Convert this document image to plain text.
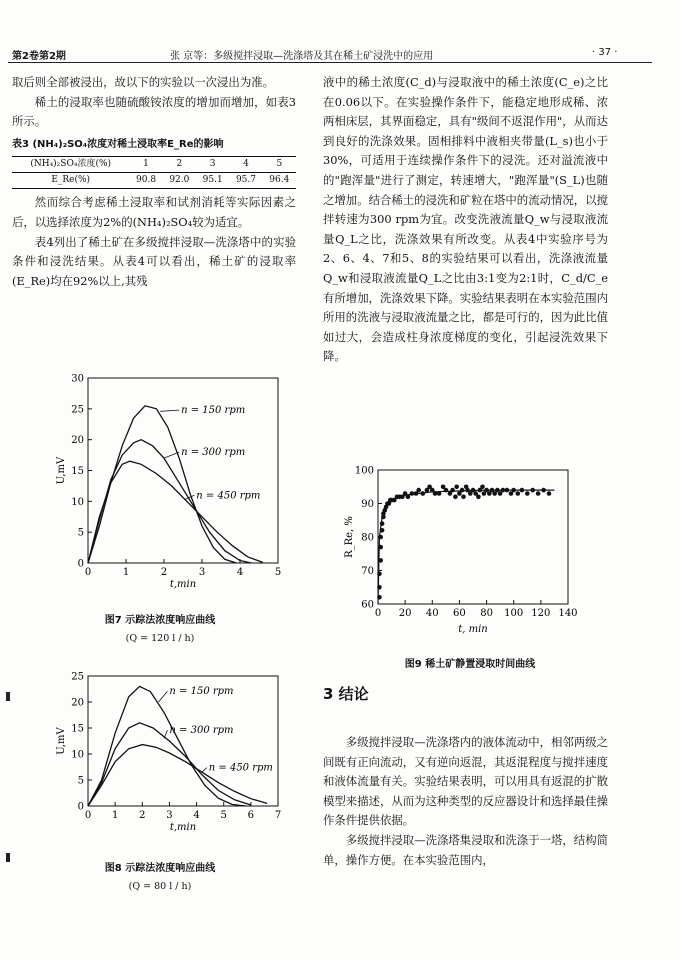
第2卷第2期	张 京等：多级搅拌浸取—洗涤塔及其在稀土矿浸洗中的应用	· 37 ·

取后则全部被浸出，故以下的实验以一次浸出为准。

稀土的浸取率也随硫酸铵浓度的增加而增加，如表3所示。

表3 (NH₄)₂SO₄浓度对稀土浸取率E_Re的影响
(NH₄)₂SO₄浓度(%)	1	2	3	4	5
E_Re(%)	90.8	92.0	95.1	95.7	96.4

然而综合考虑稀土浸取率和试剂消耗等实际因素之后，以选择浓度为2%的(NH₄)₂SO₄较为适宜。

表4列出了稀土矿在多级搅拌浸取—洗涤塔中的实验条件和浸洗结果。从表4可以看出，稀土矿的浸取率(E_Re)均在92%以上,其残

0	1	2	3	4	5
0
5
10
15
20
25
30
t,min
U,mV
n = 150 rpm
n = 300 rpm
n = 450 rpm
图7 示踪法浓度响应曲线
(Q = 120 l / h)
0 1 2 3 4 5 6 7
0
5
10
15
20
25
t,min
U,mV
n = 150 rpm
n = 300 rpm
n = 450 rpm
图8 示踪法浓度响应曲线
(Q = 80 l / h)

液中的稀土浓度(C_d)与浸取液中的稀土浓度(C_e)之比在0.06以下。在实验操作条件下，能稳定地形成稀、浓两相床层，其界面稳定，具有"级间不返混作用"，从而达到良好的洗涤效果。固相排料中液相夹带量(L_s)也小于30%，可适用于连续操作条件下的浸洗。还对溢流液中的"跑浑量"进行了测定，转速增大，"跑浑量"(S_L)也随之增加。结合稀土的浸洗和矿粒在塔中的流动情况，以搅拌转速为300 rpm为宜。改变洗液流量Q_w与浸取液流量Q_L之比，洗涤效果有所改变。从表4中实验序号为2、6、4、7和5、8的实验结果可以看出，洗涤液流量Q_w和浸取液流量Q_L之比由3:1变为2:1时，C_d/C_e有所增加，洗涤效果下降。实验结果表明在本实验范围内所用的洗液与浸取液流量之比，都是可行的，因为此比值如过大，会造成柱身浓度梯度的变化，引起浸洗效果下降。

0 20 40 60 80 100 120 140
60
70
80
90
100
t, min
R_Re, %
图9 稀土矿静置浸取时间曲线
3 结论

多级搅拌浸取—洗涤塔内的液体流动中，相邻两级之间既有正向流动，又有逆向返混，其返混程度与搅拌速度和液体流量有关。实验结果表明，可以用具有返混的扩散模型来描述，从而为这种类型的反应器设计和选择最佳操作条件提供依据。

多级搅拌浸取—洗涤塔集浸取和洗涤于一塔，结构简单，操作方便。在本实验范围内，
